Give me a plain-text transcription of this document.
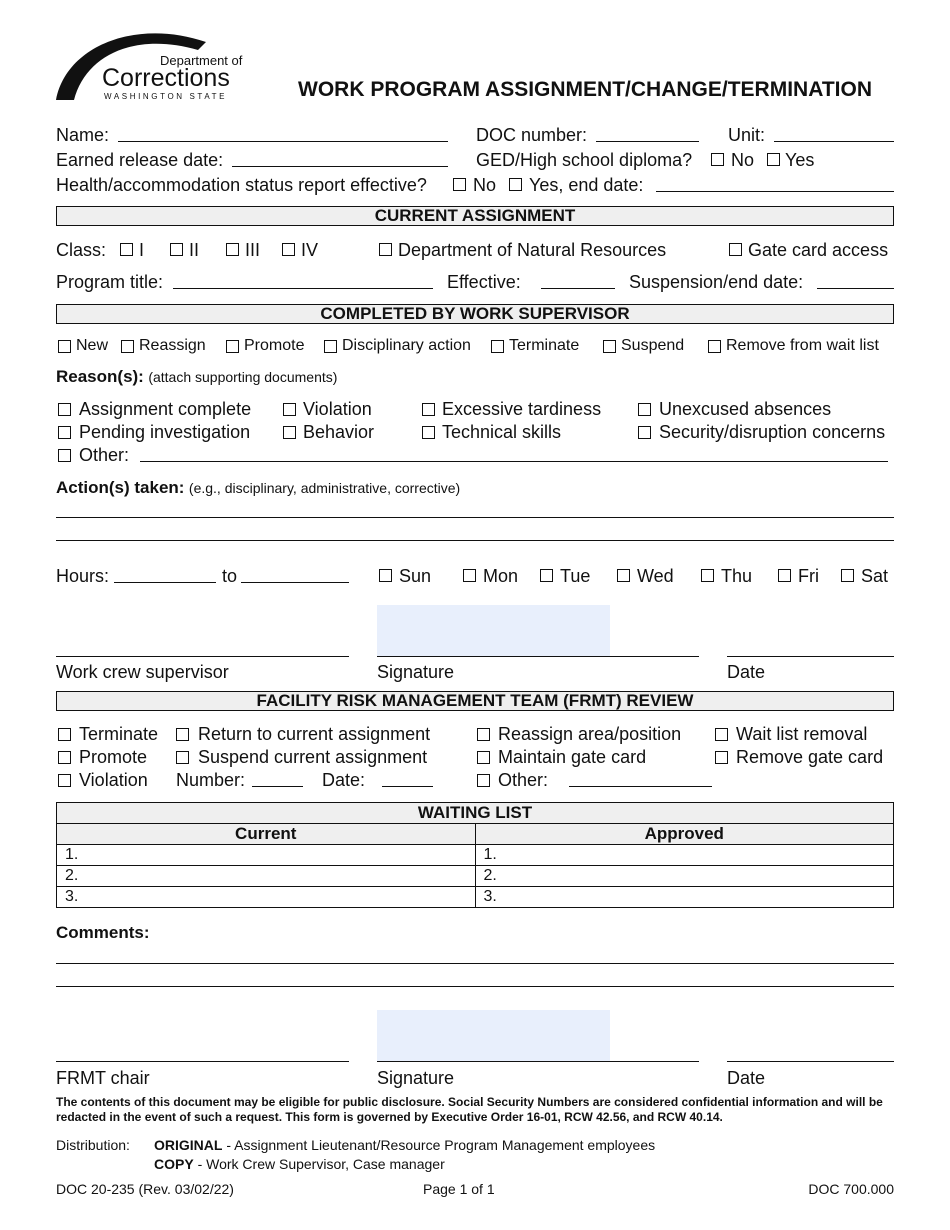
Department of
Corrections
WASHINGTON STATE	WORK PROGRAM ASSIGNMENT/CHANGE/TERMINATION
Name:	DOC number:	Unit:
Earned release date:	GED/High school diploma? No Yes
Health/accommodation status report effective?	No Yes, end date:
CURRENT ASSIGNMENT
Class: I II	III IV	Department of Natural Resources	Gate card access
Program title:	Effective:	Suspension/end date:
COMPLETED BY WORK SUPERVISOR
New Reassign Promote Disciplinary action Terminate	Suspend	Remove from wait list
Reason(s): (attach supporting documents)
Assignment complete	Violation	Excessive tardiness	Unexcused absences
Pending investigation	Behavior	Technical skills	Security/disruption concerns
Other:
Action(s) taken: (e.g., disciplinary, administrative, corrective)
Hours:	to	Sun	Mon Tue	Wed	Thu	Fri Sat
Work crew supervisor	Signature	Date
FACILITY RISK MANAGEMENT TEAM (FRMT) REVIEW
Terminate Return to current assignment	Reassign area/position	Wait list removal
Promote	Suspend current assignment	Maintain gate card	Remove gate card
Violation Number:	Date:	Other:
WAITING LIST	
Current	Approved
1.	1.
2.	2.
3.	3.
Comments:
FRMT chair	Signature	Date
The contents of this document may be eligible for public disclosure. Social Security Numbers are considered confidential information and will be redacted in the event of such a request. This form is governed by Executive Order 16-01, RCW 42.56, and RCW 40.14.
Distribution: ORIGINAL - Assignment Lieutenant/Resource Program Management employees
COPY - Work Crew Supervisor, Case manager
DOC 20-235 (Rev. 03/02/22)	Page 1 of 1	DOC 700.000
